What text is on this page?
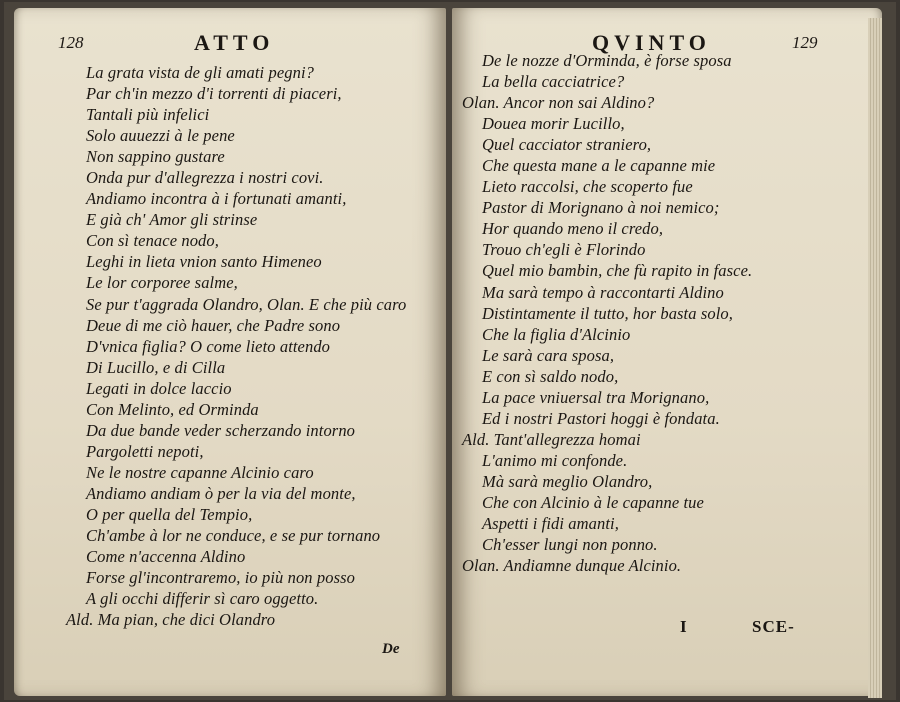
128	ATTO
La grata vista de gli amati pegni?
Par ch'in mezzo d'i torrenti di piaceri,
Tantali più infelici
Solo auuezzi à le pene
Non sappino gustare
Onda pur d'allegrezza i nostri covi.
Andiamo incontra à i fortunati amanti,
E già ch' Amor gli strinse
Con sì tenace nodo,
Leghi in lieta vnion santo Himeneo
Le lor corporee salme,
Se pur t'aggrada Olandro, Olan. E che più caro
Deue di me ciò hauer, che Padre sono
D'vnica figlia? O come lieto attendo
Di Lucillo, e di Cilla
Legati in dolce laccio
Con Melinto, ed Orminda
Da due bande veder scherzando intorno
Pargoletti nepoti,
Ne le nostre capanne Alcinio caro
Andiamo andiam ò per la via del monte,
O per quella del Tempio,
Ch'ambe à lor ne conduce, e se pur tornano
Come n'accenna Aldino
Forse gl'incontraremo, io più non posso
A gli occhi differir sì caro oggetto.
Ald. Ma pian, che dici Olandro
De
129
QVINTO
De le nozze d'Orminda, è forse sposa
La bella cacciatrice?
Olan. Ancor non sai Aldino?
Doueа morir Lucillo,
Quel cacciator straniero,
Che questa mane a le capanne mie
Lieto raccolsi, che scoperto fue
Pastor di Morignano à noi nemico;
Hor quando meno il credo,
Trouo ch'egli è Florindo
Quel mio bambin, che fù rapito in fasce.
Ma sarà tempo à raccontarti Aldino
Distintamente il tutto, hor basta solo,
Che la figlia d'Alcinio
Le sarà cara sposa,
E con sì saldo nodo,
La pace vniuersal tra Morignano,
Ed i nostri Pastori hoggi è fondata.
Ald. Tant'allegrezza homai
L'animo mi confonde.
Mà sarà meglio Olandro,
Che con Alcinio à le capanne tue
Aspetti i fidi amanti,
Ch'esser lungi non ponno.
Olan. Andiamne dunque Alcinio.
I	SCE-
